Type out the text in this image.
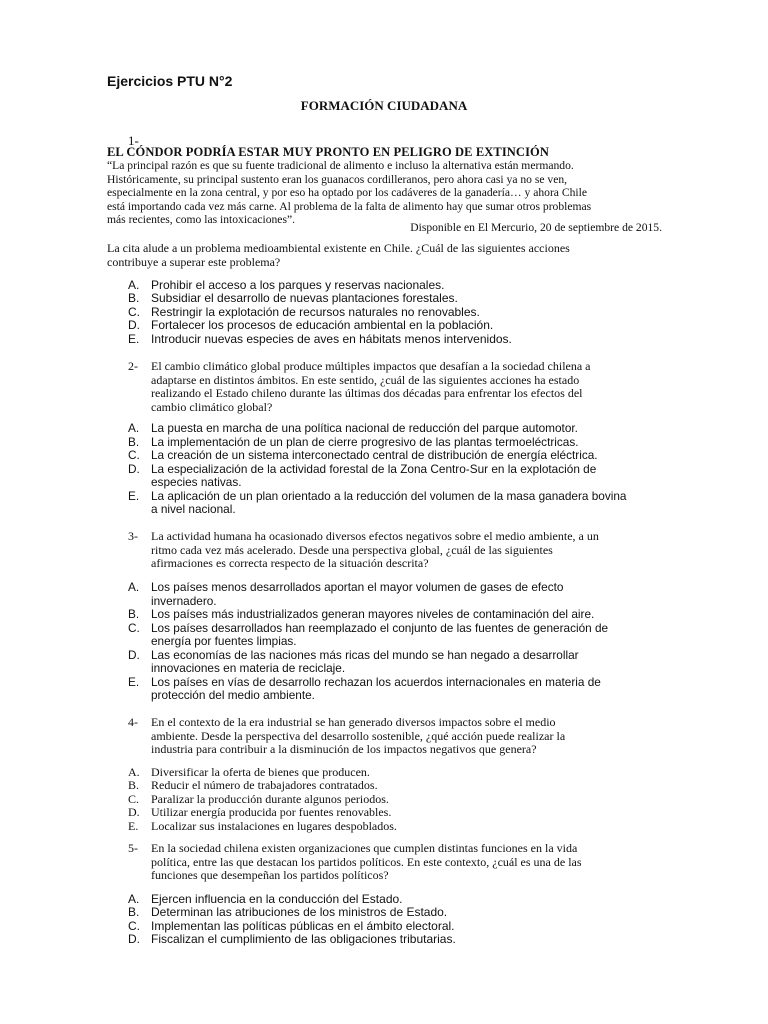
Ejercicios PTU N°2
FORMACIÓN CIUDADANA
1-
EL CÓNDOR PODRÍA ESTAR MUY PRONTO EN PELIGRO DE EXTINCIÓN
“La principal razón es que su fuente tradicional de alimento e incluso la alternativa están mermando.
Históricamente, su principal sustento eran los guanacos cordilleranos, pero ahora casi ya no se ven,
especialmente en la zona central, y por eso ha optado por los cadáveres de la ganadería… y ahora Chile
está importando cada vez más carne. Al problema de la falta de alimento hay que sumar otros problemas
más recientes, como las intoxicaciones”.
Disponible en El Mercurio, 20 de septiembre de 2015.
La cita alude a un problema medioambiental existente en Chile. ¿Cuál de las siguientes acciones
contribuye a superar este problema?
A. Prohibir el acceso a los parques y reservas nacionales.
B. Subsidiar el desarrollo de nuevas plantaciones forestales.
C. Restringir la explotación de recursos naturales no renovables.
D. Fortalecer los procesos de educación ambiental en la población.
E. Introducir nuevas especies de aves en hábitats menos intervenidos.
2-	El cambio climático global produce múltiples impactos que desafían a la sociedad chilena a
adaptarse en distintos ámbitos. En este sentido, ¿cuál de las siguientes acciones ha estado
realizando el Estado chileno durante las últimas dos décadas para enfrentar los efectos del
cambio climático global?
A. La puesta en marcha de una política nacional de reducción del parque automotor.
B. La implementación de un plan de cierre progresivo de las plantas termoeléctricas.
C. La creación de un sistema interconectado central de distribución de energía eléctrica.
D. La especialización de la actividad forestal de la Zona Centro-Sur en la explotación de
especies nativas.
E. La aplicación de un plan orientado a la reducción del volumen de la masa ganadera bovina
a nivel nacional.
3-	La actividad humana ha ocasionado diversos efectos negativos sobre el medio ambiente, a un
ritmo cada vez más acelerado. Desde una perspectiva global, ¿cuál de las siguientes
afirmaciones es correcta respecto de la situación descrita?
A. Los países menos desarrollados aportan el mayor volumen de gases de efecto
invernadero.
B. Los países más industrializados generan mayores niveles de contaminación del aire.
C. Los países desarrollados han reemplazado el conjunto de las fuentes de generación de
energía por fuentes limpias.
D. Las economías de las naciones más ricas del mundo se han negado a desarrollar
innovaciones en materia de reciclaje.
E. Los países en vías de desarrollo rechazan los acuerdos internacionales en materia de
protección del medio ambiente.
4-	En el contexto de la era industrial se han generado diversos impactos sobre el medio
ambiente. Desde la perspectiva del desarrollo sostenible, ¿qué acción puede realizar la
industria para contribuir a la disminución de los impactos negativos que genera?
A. Diversificar la oferta de bienes que producen.
B. Reducir el número de trabajadores contratados.
C. Paralizar la producción durante algunos periodos.
D. Utilizar energía producida por fuentes renovables.
E. Localizar sus instalaciones en lugares despoblados.
5-	En la sociedad chilena existen organizaciones que cumplen distintas funciones en la vida
política, entre las que destacan los partidos políticos. En este contexto, ¿cuál es una de las
funciones que desempeñan los partidos políticos?
A. Ejercen influencia en la conducción del Estado.
B. Determinan las atribuciones de los ministros de Estado.
C. Implementan las políticas públicas en el ámbito electoral.
D. Fiscalizan el cumplimiento de las obligaciones tributarias.
